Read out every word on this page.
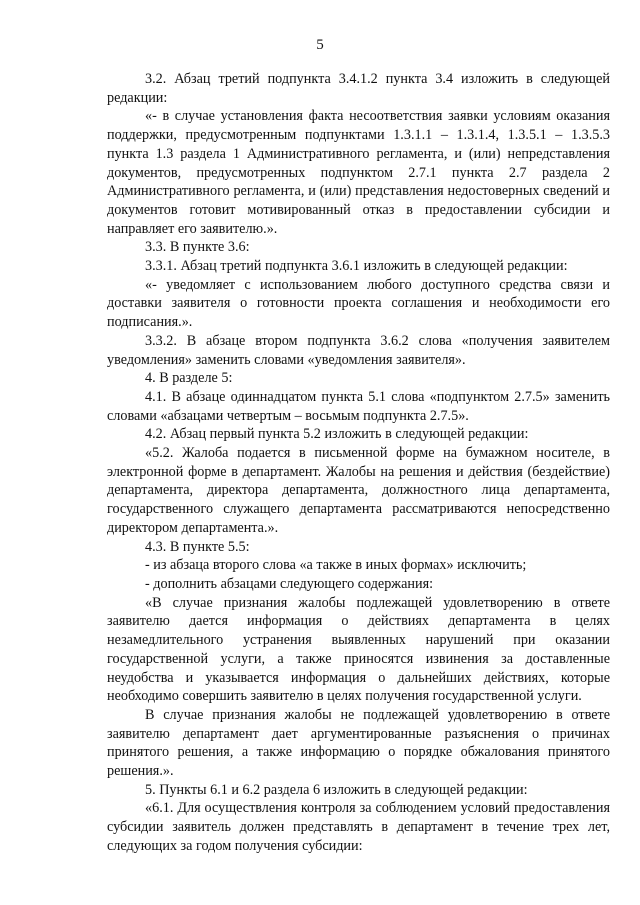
5

3.2. Абзац третий подпункта 3.4.1.2 пункта 3.4 изложить в следующей редакции:

«- в случае установления факта несоответствия заявки условиям оказания поддержки, предусмотренным подпунктами 1.3.1.1 – 1.3.1.4, 1.3.5.1 – 1.3.5.3 пункта 1.3 раздела 1 Административного регламента, и (или) непредставления документов, предусмотренных подпунктом 2.7.1 пункта 2.7 раздела 2 Административного регламента, и (или) представления недостоверных сведений и документов готовит мотивированный отказ в предоставлении субсидии и направляет его заявителю.».

3.3. В пункте 3.6:

3.3.1. Абзац третий подпункта 3.6.1 изложить в следующей редакции:

«- уведомляет с использованием любого доступного средства связи и доставки заявителя о готовности проекта соглашения и необходимости его подписания.».

3.3.2. В абзаце втором подпункта 3.6.2 слова «получения заявителем уведомления» заменить словами «уведомления заявителя».

4. В разделе 5:

4.1. В абзаце одиннадцатом пункта 5.1 слова «подпунктом 2.7.5» заменить словами «абзацами четвертым – восьмым подпункта 2.7.5».

4.2. Абзац первый пункта 5.2 изложить в следующей редакции:

«5.2. Жалоба подается в письменной форме на бумажном носителе, в электронной форме в департамент. Жалобы на решения и действия (бездействие) департамента, директора департамента, должностного лица департамента, государственного служащего департамента рассматриваются непосредственно директором департамента.».

4.3. В пункте 5.5:

- из абзаца второго слова «а также в иных формах» исключить;

- дополнить абзацами следующего содержания:

«В случае признания жалобы подлежащей удовлетворению в ответе заявителю дается информация о действиях департамента в целях незамедлительного устранения выявленных нарушений при оказании государственной услуги, а также приносятся извинения за доставленные неудобства и указывается информация о дальнейших действиях, которые необходимо совершить заявителю в целях получения государственной услуги.

В случае признания жалобы не подлежащей удовлетворению в ответе заявителю департамент дает аргументированные разъяснения о причинах принятого решения, а также информацию о порядке обжалования принятого решения.».

5. Пункты 6.1 и 6.2 раздела 6 изложить в следующей редакции:

«6.1. Для осуществления контроля за соблюдением условий предоставления субсидии заявитель должен представлять в департамент в течение трех лет, следующих за годом получения субсидии:
